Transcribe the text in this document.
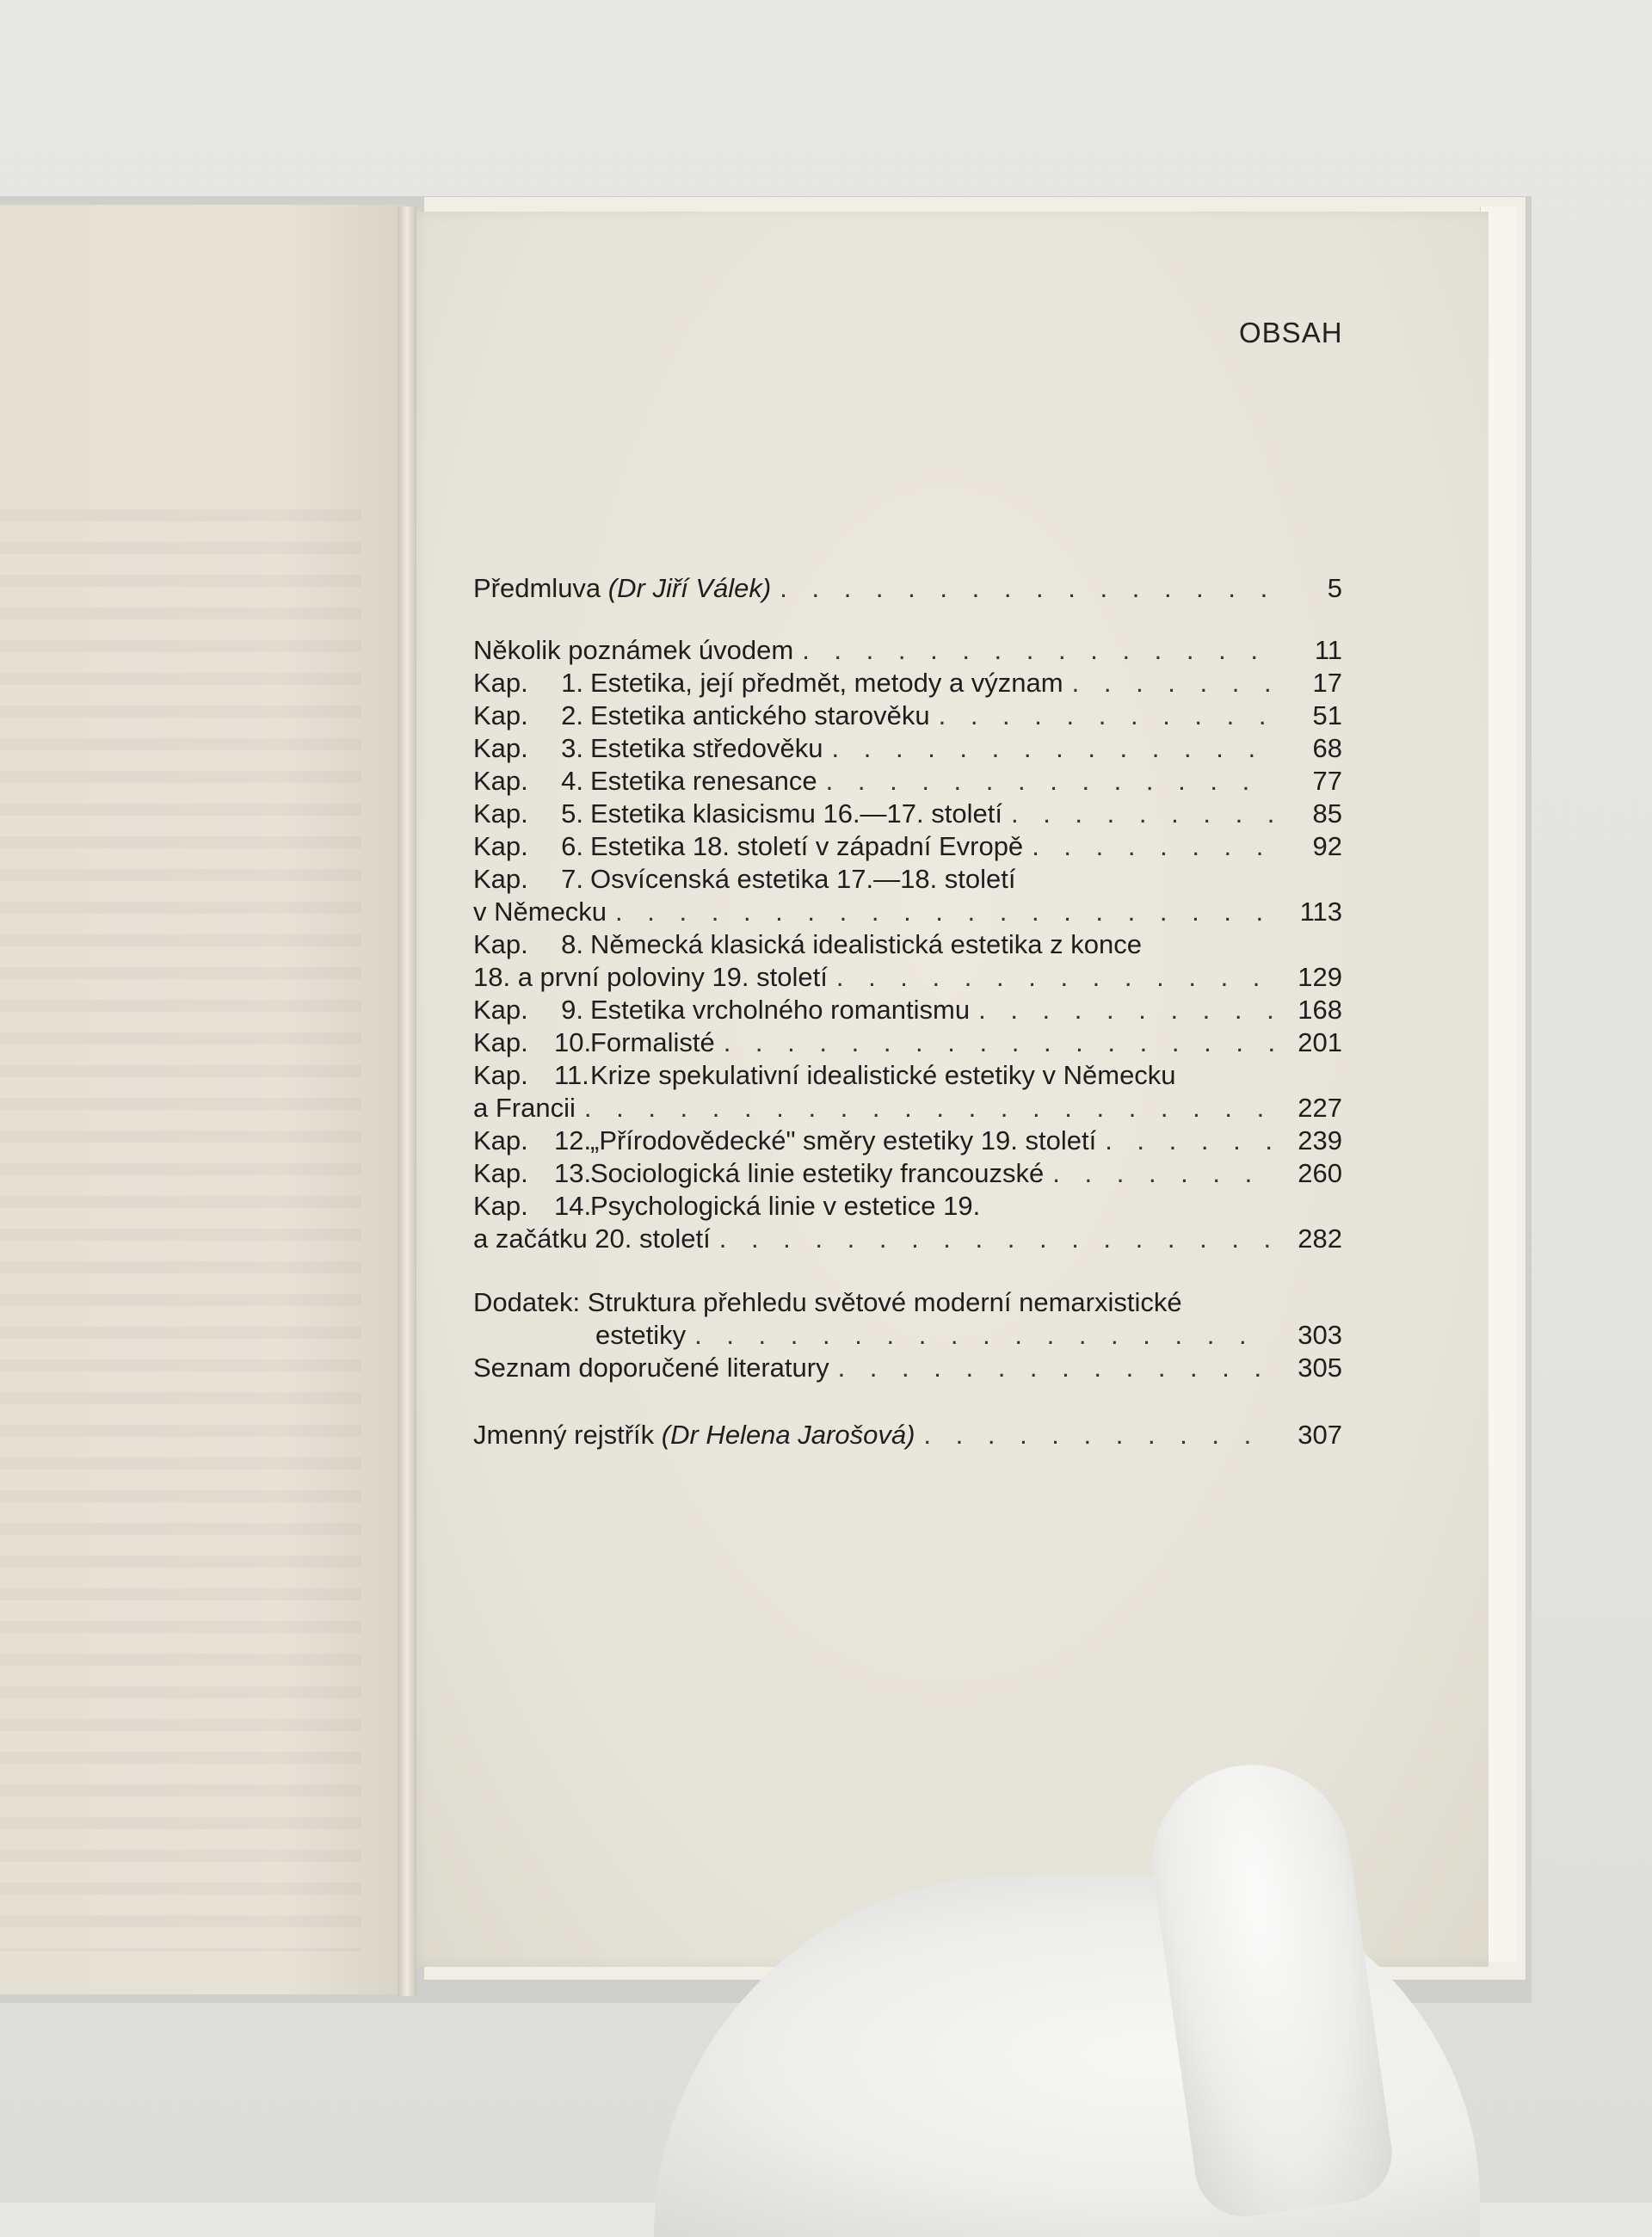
OBSAH
Předmluva (Dr Jiří Válek) . . .	5
Několik poznámek úvodem . . .	11
Kap. 1. Estetika, její předmět, metody a význam . . .	17
Kap. 2. Estetika antického starověku . . .	51
Kap. 3. Estetika středověku . . .	68
Kap. 4. Estetika renesance . . .	77
Kap. 5. Estetika klasicismu 16.—17. století . . .	85
Kap. 6. Estetika 18. století v západní Evropě . . .	92
Kap. 7. Osvícenská estetika 17.—18. století
v Německu . . .	113
Kap. 8. Německá klasická idealistická estetika z konce
18. a první poloviny 19. století . . .	129
Kap. 9. Estetika vrcholného romantismu . . .	168
Kap. 10.Formalisté . . .	201
Kap. 11.Krize spekulativní idealistické estetiky v Německu
a Francii . . .	227
Kap. 12.„Přírodovědecké" směry estetiky 19. století . . .	239
Kap. 13.Sociologická linie estetiky francouzské . . .	260
Kap. 14.Psychologická linie v estetice 19.
a začátku 20. století . . .	282
Dodatek: Struktura přehledu světové moderní nemarxistické
estetiky . . .	303
Seznam doporučené literatury . . .	305
Jmenný rejstřík (Dr Helena Jarošová) . . .	307
